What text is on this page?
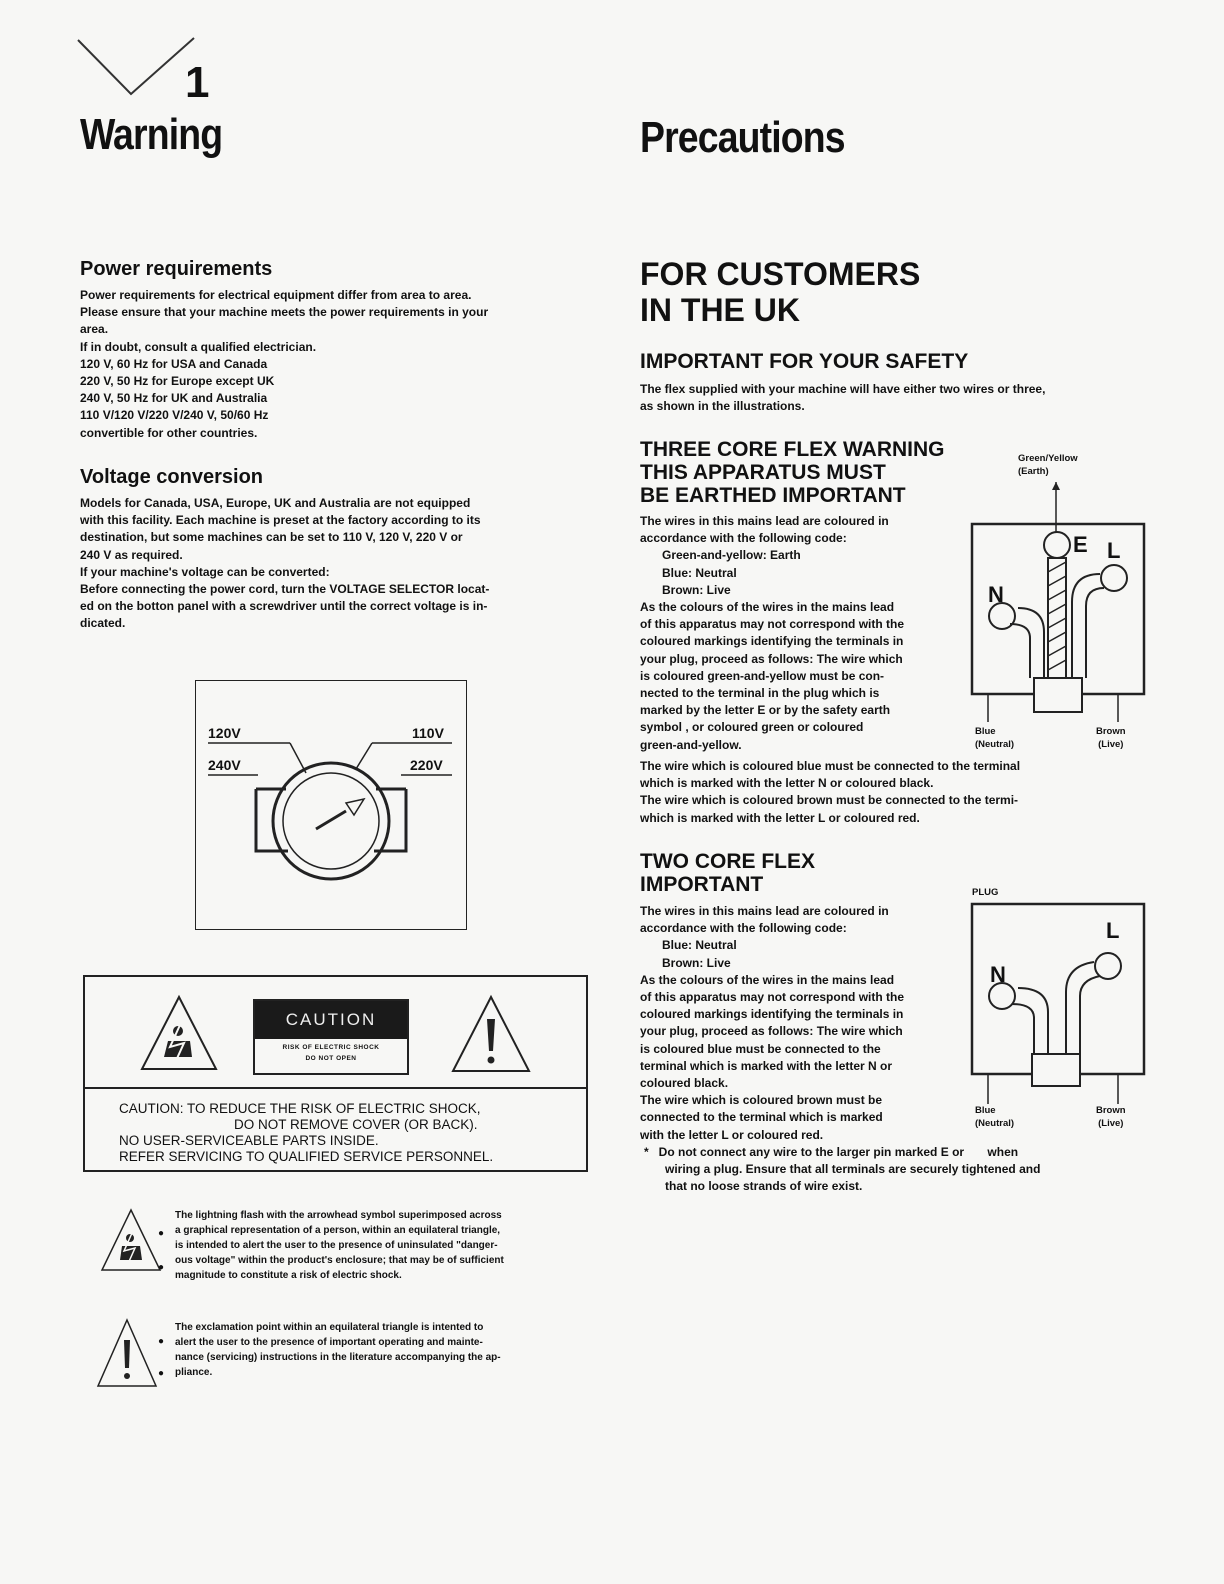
1
Warning	Precautions
Power requirements

Power requirements for electrical equipment differ from area to area.

Please ensure that your machine meets the power requirements in your

area.

If in doubt, consult a qualified electrician.

120 V, 60 Hz for USA and Canada

220 V, 50 Hz for Europe except UK

240 V, 50 Hz for UK and Australia

110 V/120 V/220 V/240 V, 50/60 Hz

convertible for other countries.

Voltage conversion

Models for Canada, USA, Europe, UK and Australia are not equipped

with this facility. Each machine is preset at the factory according to its

destination, but some machines can be set to 110 V, 120 V, 220 V or

240 V as required.

If your machine's voltage can be converted:

Before connecting the power cord, turn the VOLTAGE SELECTOR locat-

ed on the botton panel with a screwdriver until the correct voltage is in-

dicated.

120V	110V
240V	220V
CAUTION
RISK OF ELECTRIC SHOCK
DO NOT OPEN
CAUTION: TO REDUCE THE RISK OF ELECTRIC SHOCK,
DO NOT REMOVE COVER (OR BACK).
NO USER-SERVICEABLE PARTS INSIDE.
REFER SERVICING TO QUALIFIED SERVICE PERSONNEL.
●
●

The lightning flash with the arrowhead symbol superimposed across

a graphical representation of a person, within an equilateral triangle,

is intended to alert the user to the presence of uninsulated "danger-

ous voltage" within the product's enclosure; that may be of sufficient

magnitude to constitute a risk of electric shock.

●
●

The exclamation point within an equilateral triangle is intented to

alert the user to the presence of important operating and mainte-

nance (servicing) instructions in the literature accompanying the ap-

pliance.

FOR CUSTOMERS
IN THE UK
IMPORTANT FOR YOUR SAFETY

The flex supplied with your machine will have either two wires or three,

as shown in the illustrations.

THREE CORE FLEX WARNING
THIS APPARATUS MUST
BE EARTHED IMPORTANT

The wires in this mains lead are coloured in

accordance with the following code:

Green-and-yellow: Earth

Blue: Neutral

Brown: Live

As the colours of the wires in the mains lead

of this apparatus may not correspond with the

coloured markings identifying the terminals in

your plug, proceed as follows: The wire which

is coloured green-and-yellow must be con-

nected to the terminal in the plug which is

marked by the letter E or by the safety earth

symbol , or coloured green or coloured

green-and-yellow.

The wire which is coloured blue must be connected to the terminal

which is marked with the letter N or coloured black.

The wire which is coloured brown must be connected to the termi-

which is marked with the letter L or coloured red.

Green/Yellow
(Earth)
E L
N
Blue
(Neutral)
Brown
(Live)
TWO CORE FLEX
IMPORTANT

The wires in this mains lead are coloured in

accordance with the following code:

Blue: Neutral

Brown: Live

As the colours of the wires in the mains lead

of this apparatus may not correspond with the

coloured markings identifying the terminals in

your plug, proceed as follows: The wire which

is coloured blue must be connected to the

terminal which is marked with the letter N or

coloured black.

The wire which is coloured brown must be

connected to the terminal which is marked

with the letter L or coloured red.

*   Do not connect any wire to the larger pin marked E or       when

wiring a plug. Ensure that all terminals are securely tightened and

that no loose strands of wire exist.

PLUG
L
N
Blue
(Neutral)
Brown
(Live)
